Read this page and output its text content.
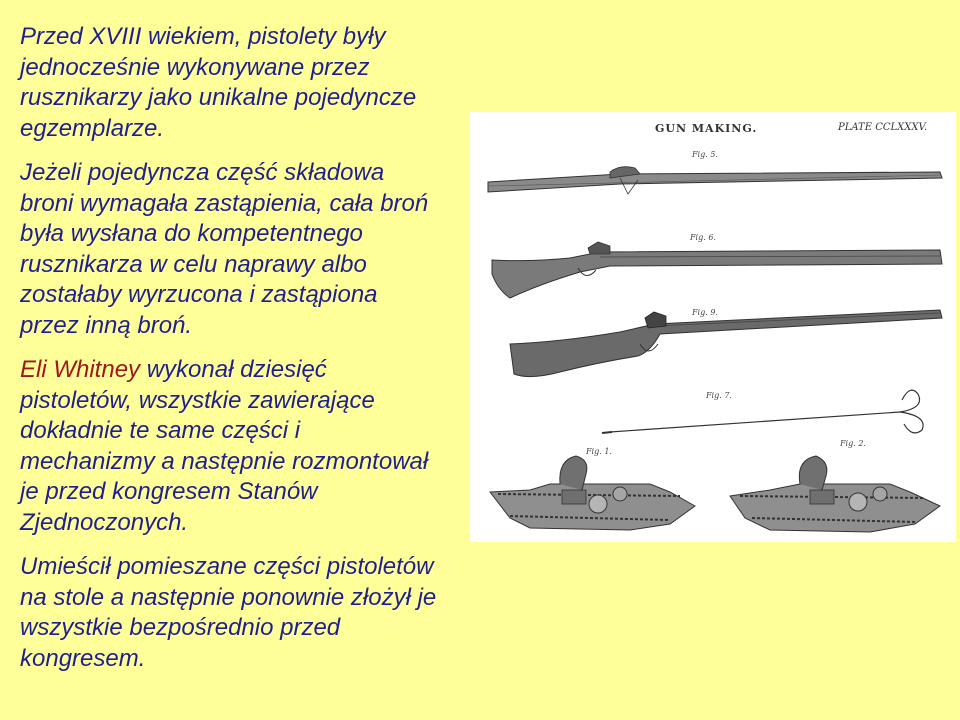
Przed XVIII wiekiem, pistolety były
jednocześnie wykonywane przez
rusznikarzy jako unikalne pojedyncze
egzemplarze.

Jeżeli pojedyncza część składowa
broni wymagała zastąpienia, cała broń
była wysłana do kompetentnego
rusznikarza w celu naprawy albo
zostałaby wyrzucona i zastąpiona
przez inną broń.

Eli Whitney wykonał dziesięć
pistoletów, wszystkie zawierające
dokładnie te same części i
mechanizmy a następnie rozmontował
je przed kongresem Stanów
Zjednoczonych.

Umieścił pomieszane części pistoletów
na stole a następnie ponownie złożył je
wszystkie bezpośrednio przed
kongresem.

GUN MAKING.	PLATE CCLXXXV.
Fig. 5.
Fig. 6.
Fig. 9.
Fig. 7.
Fig. 1.
Fig. 2.
